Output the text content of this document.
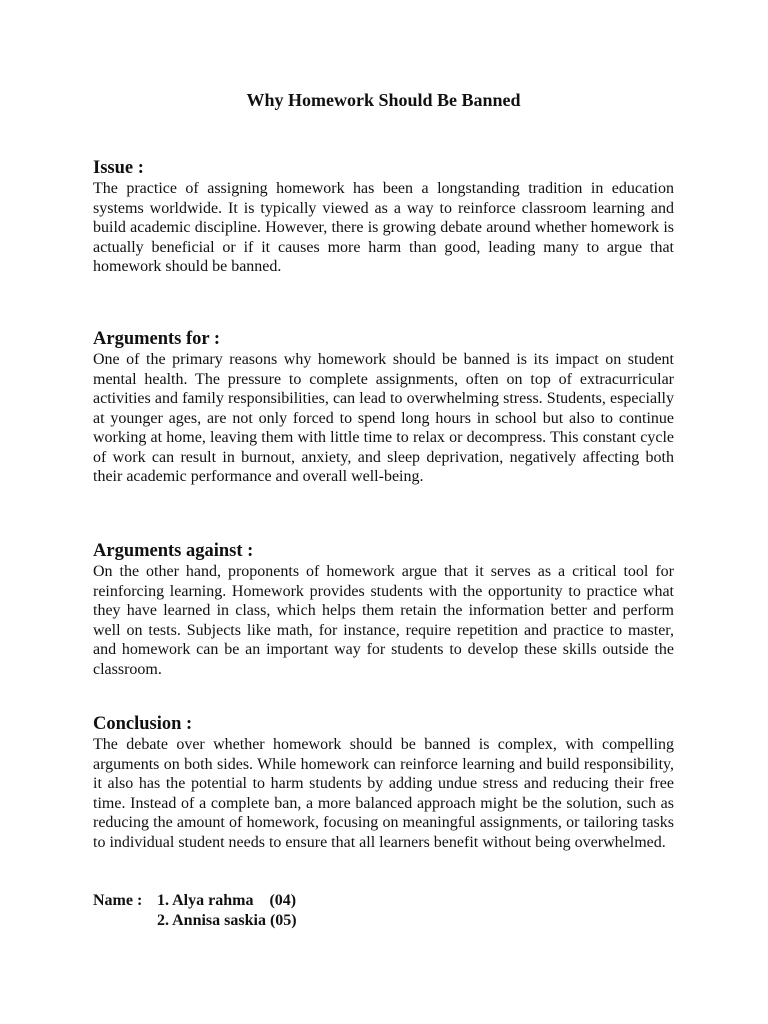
Why Homework Should Be Banned
Issue :

The practice of assigning homework has been a longstanding tradition in education systems worldwide. It is typically viewed as a way to reinforce classroom learning and build academic discipline. However, there is growing debate around whether homework is actually beneficial or if it causes more harm than good, leading many to argue that homework should be banned.

Arguments for :

One of the primary reasons why homework should be banned is its impact on student mental health. The pressure to complete assignments, often on top of extracurricular activities and family responsibilities, can lead to overwhelming stress. Students, especially at younger ages, are not only forced to spend long hours in school but also to continue working at home, leaving them with little time to relax or decompress. This constant cycle of work can result in burnout, anxiety, and sleep deprivation, negatively affecting both their academic performance and overall well-being.

Arguments against :

On the other hand, proponents of homework argue that it serves as a critical tool for reinforcing learning. Homework provides students with the opportunity to practice what they have learned in class, which helps them retain the information better and perform well on tests. Subjects like math, for instance, require repetition and practice to master, and homework can be an important way for students to develop these skills outside the classroom.

Conclusion :

The debate over whether homework should be banned is complex, with compelling arguments on both sides. While homework can reinforce learning and build responsibility, it also has the potential to harm students by adding undue stress and reducing their free time. Instead of a complete ban, a more balanced approach might be the solution, such as reducing the amount of homework, focusing on meaningful assignments, or tailoring tasks to individual student needs to ensure that all learners benefit without being overwhelmed.

Name : 1. Alya rahma    (04)
2. Annisa saskia (05)
